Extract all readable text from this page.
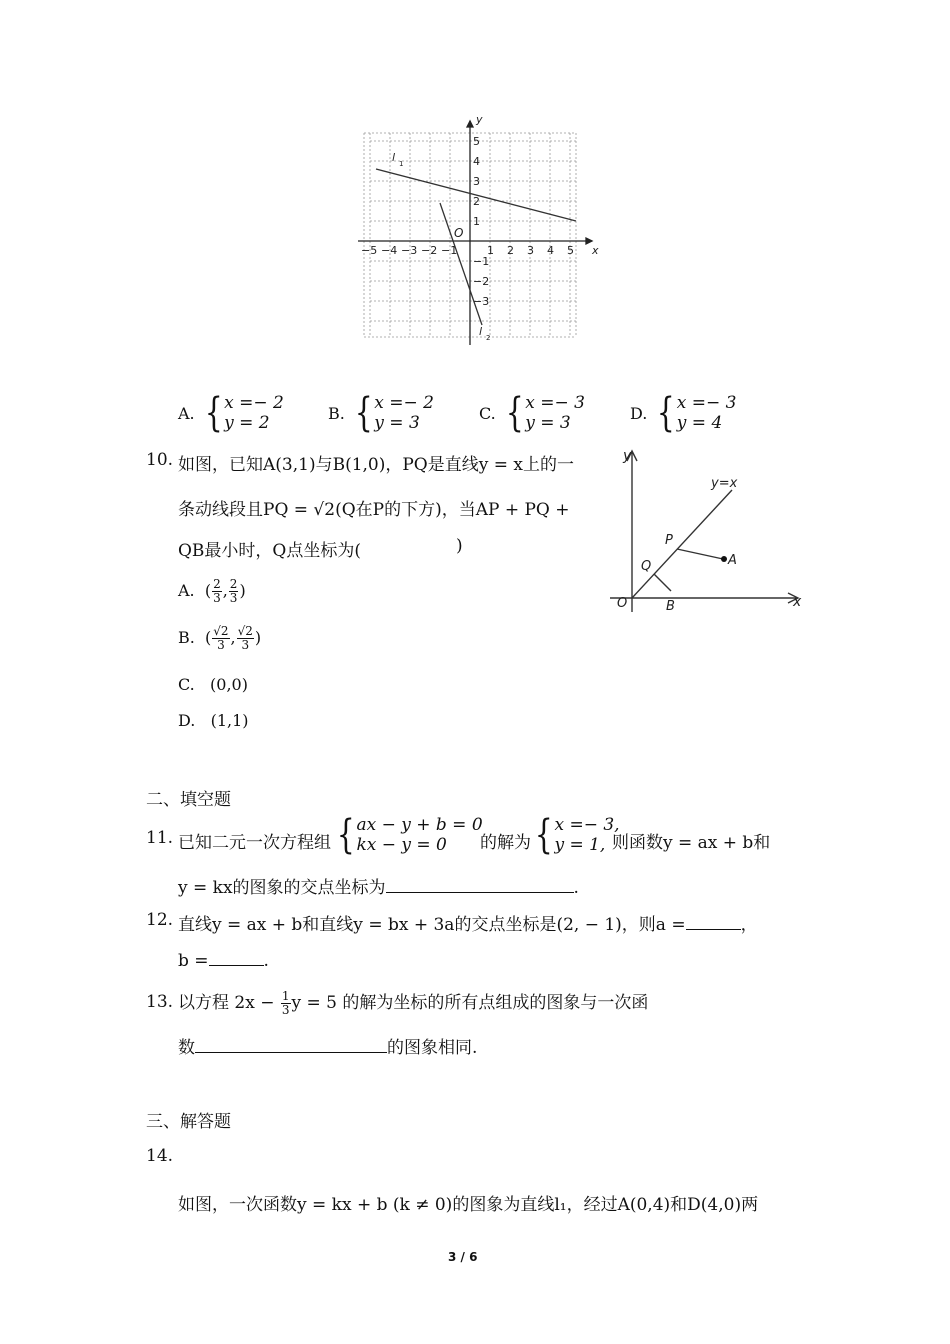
−5 −4 −3 −2 −1	1 2 3 4 5
5
4
3
2
1
−1
−2
−3
y
x
O
l 1
l 2
A. { x =− 2
y = 2	B. { x =− 2
y = 3	C. { x =− 3
y = 3	D. { x =− 3
y = 4
10. 如图，已知A(3,1)与B(1,0)，PQ是直线y = x上的一
条动线段且PQ = √2(Q在P的下方)，当AP + PQ +
QB最小时，Q点坐标为(	)
A.  ( $\frac{2}{3}$ , $\frac{2}{3}$ )
B.  ( $\frac{√2}{3}$ , $\frac{√2}{3}$ )
C.   (0,0)
D.   (1,1)
y
x
y=x
P
Q	A
O	B
二、填空题
11. 已知二元一次方程组 { ax − y + b = 0
kx − y = 0	的解为 { x =− 3,
y = 1, 则函数y = ax + b和
y = kx的图象的交点坐标为	.
12. 直线y = ax + b和直线y = bx + 3a的交点坐标是(2, − 1)，则a =	，
b =	.
13. 以方程 $2x - \frac{1}{3}$ y = 5 的解为坐标的所有点组成的图象与一次函
数	的图象相同.
三、解答题
14.
如图，一次函数y = kx + b (k ≠ 0)的图象为直线l₁，经过A(0,4)和D(4,0)两
3 / 6
